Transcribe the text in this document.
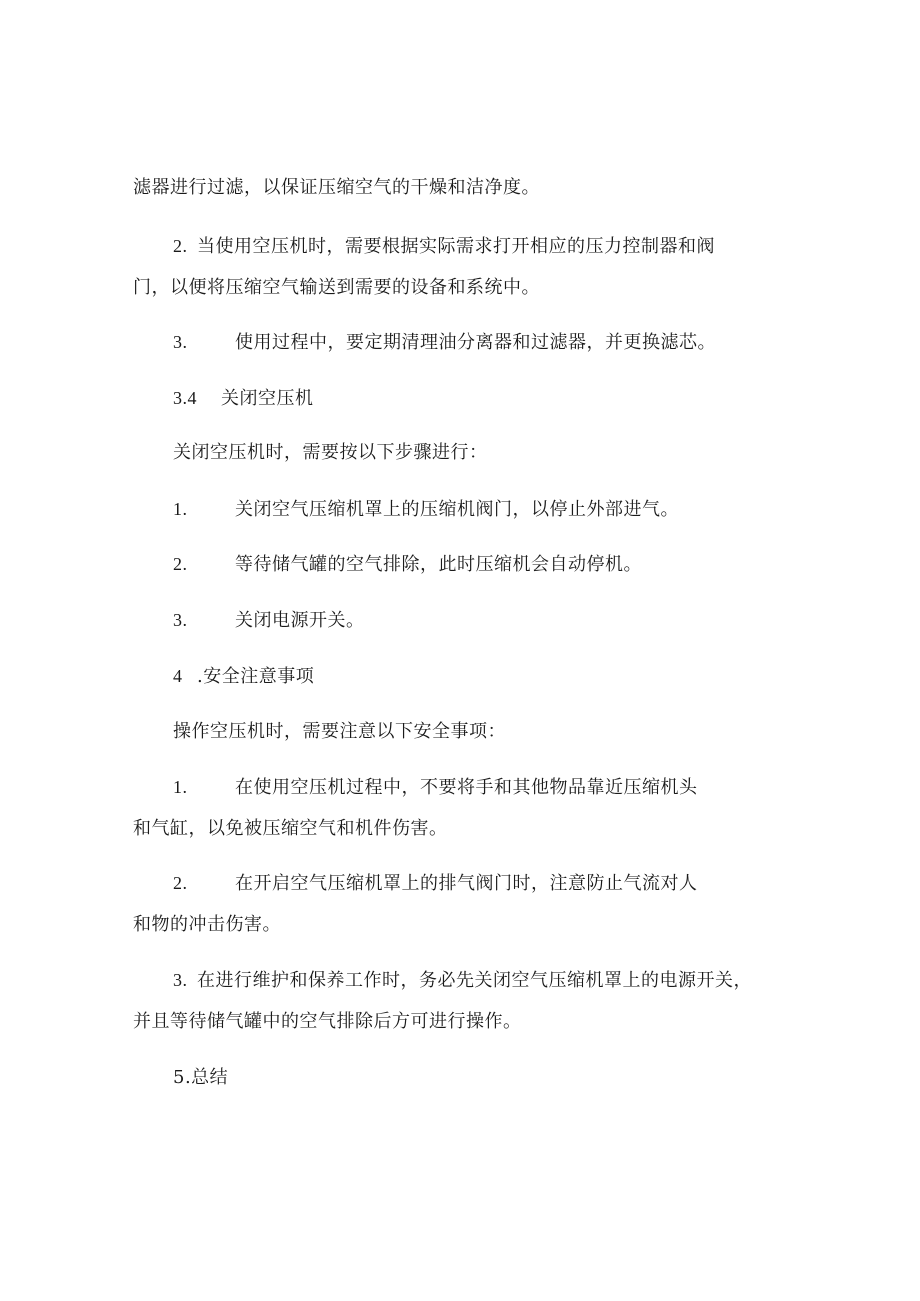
滤器进行过滤，以保证压缩空气的干燥和洁净度。
2. 当使用空压机时，需要根据实际需求打开相应的压力控制器和阀
门，以便将压缩空气输送到需要的设备和系统中。
3.	使用过程中，要定期清理油分离器和过滤器，并更换滤芯。
3.4 关闭空压机
关闭空压机时，需要按以下步骤进行：
1.	关闭空气压缩机罩上的压缩机阀门，以停止外部进气。
2.	等待储气罐的空气排除，此时压缩机会自动停机。
3.	关闭电源开关。
4 .安全注意事项
操作空压机时，需要注意以下安全事项：
1.	在使用空压机过程中，不要将手和其他物品靠近压缩机头
和气缸，以免被压缩空气和机件伤害。
2.	在开启空气压缩机罩上的排气阀门时，注意防止气流对人
和物的冲击伤害。
3. 在进行维护和保养工作时，务必先关闭空气压缩机罩上的电源开关，
并且等待储气罐中的空气排除后方可进行操作。
5.总结
